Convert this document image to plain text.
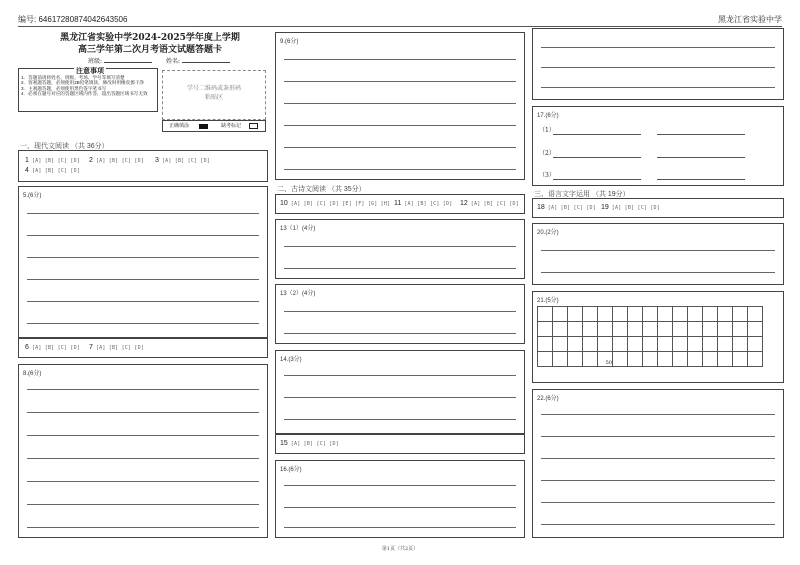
编号: 6461728087404264350​6	黑龙江省实验中学
黑龙江省实验中学2024-2025学年度上学期
高三学年第二次月考语文试题答题卡
班级:	姓名:
注意事项
1．答题前请将姓名、班级、考场、学号等填写清楚
2．客观题答题，必须使用2B铅笔填涂，修改时用橡皮擦干净
3．主观题答题，必须使用黑色签字笔书写
4．必须在题号对应的答题区域内作答，超出答题区域书写无效
学号二维码或条形码
粘贴区
正确填涂	缺考标记
一、现代文阅读 （共 36分）
1 [A] [B] [C] [D] 2 [A] [B] [C] [D] 3 [A] [B] [C] [D]
4 [A] [B] [C] [D]
5.(6分)
6 [A] [B] [C] [D] 7 [A] [B] [C] [D]
8.(6分)
9.(6分)
二、古诗文阅读 （共 35分）
10 [A] [B] [C] [D] [E] [F] [G] [H] 11 [A] [B] [C] [D] 12 [A] [B] [C] [D]
13（1）(4分)
13（2）(4分)
14.(3分)
15 [A] [B] [C] [D]
16.(6分)
17.(6分)
（1）
（2）
（3）
三、语言文字运用 （共 19分）
18 [A] [B] [C] [D] 19 [A] [B] [C] [D]
20.(2分)
21.(5分)

				50										
22.(6分)
第1页（共2页）
